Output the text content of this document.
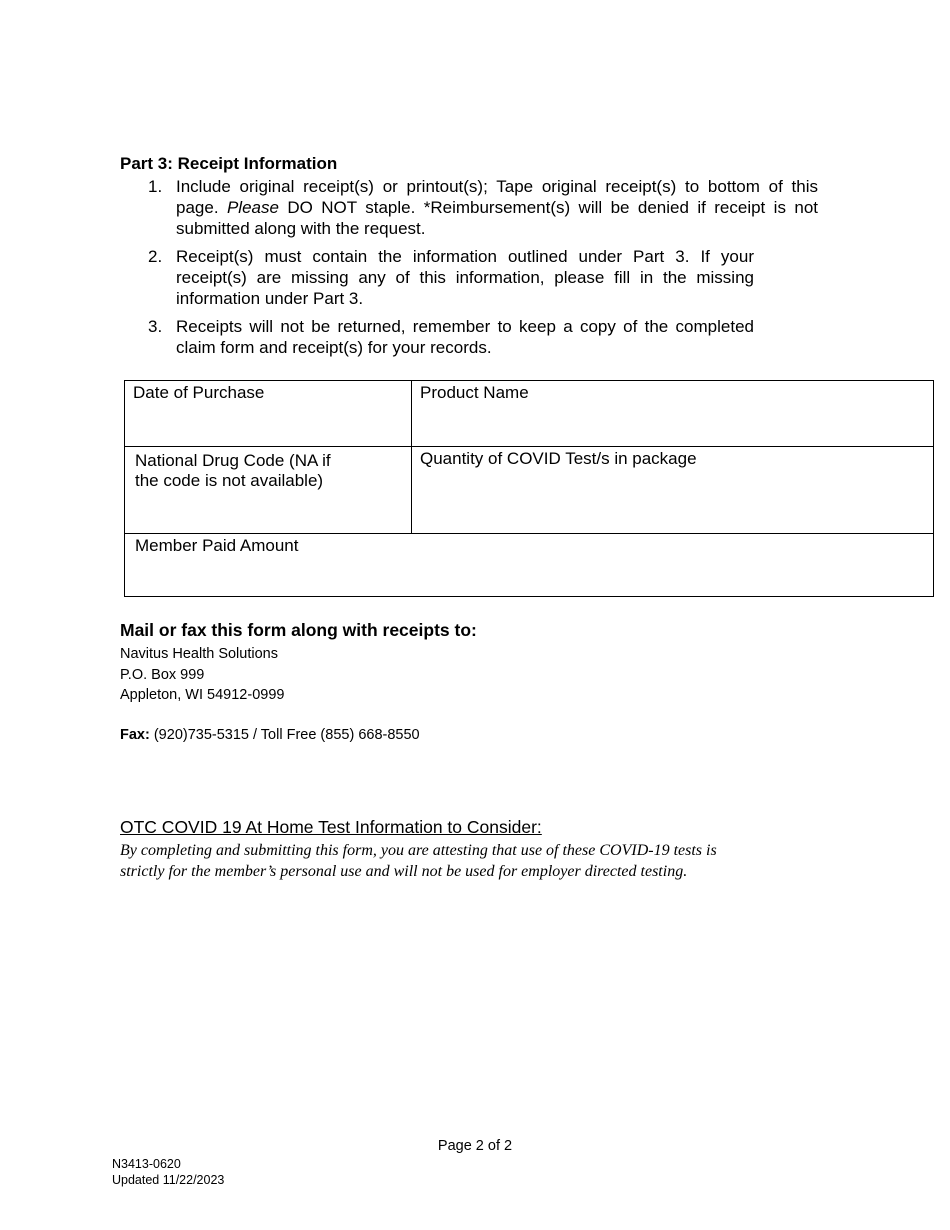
Part 3: Receipt Information
1. Include original receipt(s) or printout(s); Tape original receipt(s) to bottom of this page. Please DO NOT staple. *Reimbursement(s) will be denied if receipt is not submitted along with the request.
2. Receipt(s) must contain the information outlined under Part 3. If your receipt(s) are missing any of this information, please fill in the missing information under Part 3.
3. Receipts will not be returned, remember to keep a copy of the completed claim form and receipt(s) for your records.
Date of Purchase	Product Name
National Drug Code (NA if
the code is not available)	Quantity of COVID Test/s in package
Member Paid Amount	
Mail or fax this form along with receipts to:
Navitus Health Solutions
P.O. Box 999
Appleton, WI 54912-0999
Fax: (920)735-5315 / Toll Free (855) 668-8550
OTC COVID 19 At Home Test Information to Consider:
By completing and submitting this form, you are attesting that use of these COVID-19 tests is
strictly for the member’s personal use and will not be used for employer directed testing.
Page 2 of 2
N3413-0620
Updated 11/22/2023
